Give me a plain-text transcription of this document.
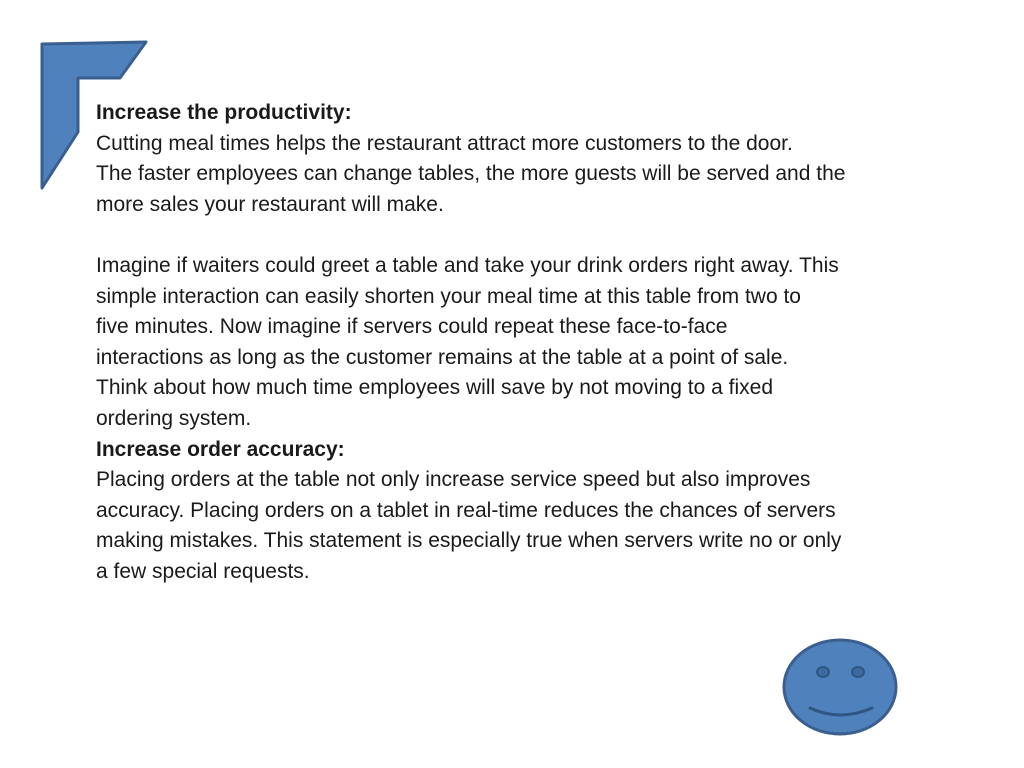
Increase the productivity:

Cutting meal times helps the restaurant attract more customers to the door.

The faster employees can change tables, the more guests will be served and the

more sales your restaurant will make.

Imagine if waiters could greet a table and take your drink orders right away. This

simple interaction can easily shorten your meal time at this table from two to

five minutes. Now imagine if servers could repeat these face-to-face

interactions as long as the customer remains at the table at a point of sale.

Think about how much time employees will save by not moving to a fixed

ordering system.

Increase order accuracy:

Placing orders at the table not only increase service speed but also improves

accuracy. Placing orders on a tablet in real-time reduces the chances of servers

making mistakes. This statement is especially true when servers write no or only

a few special requests.
